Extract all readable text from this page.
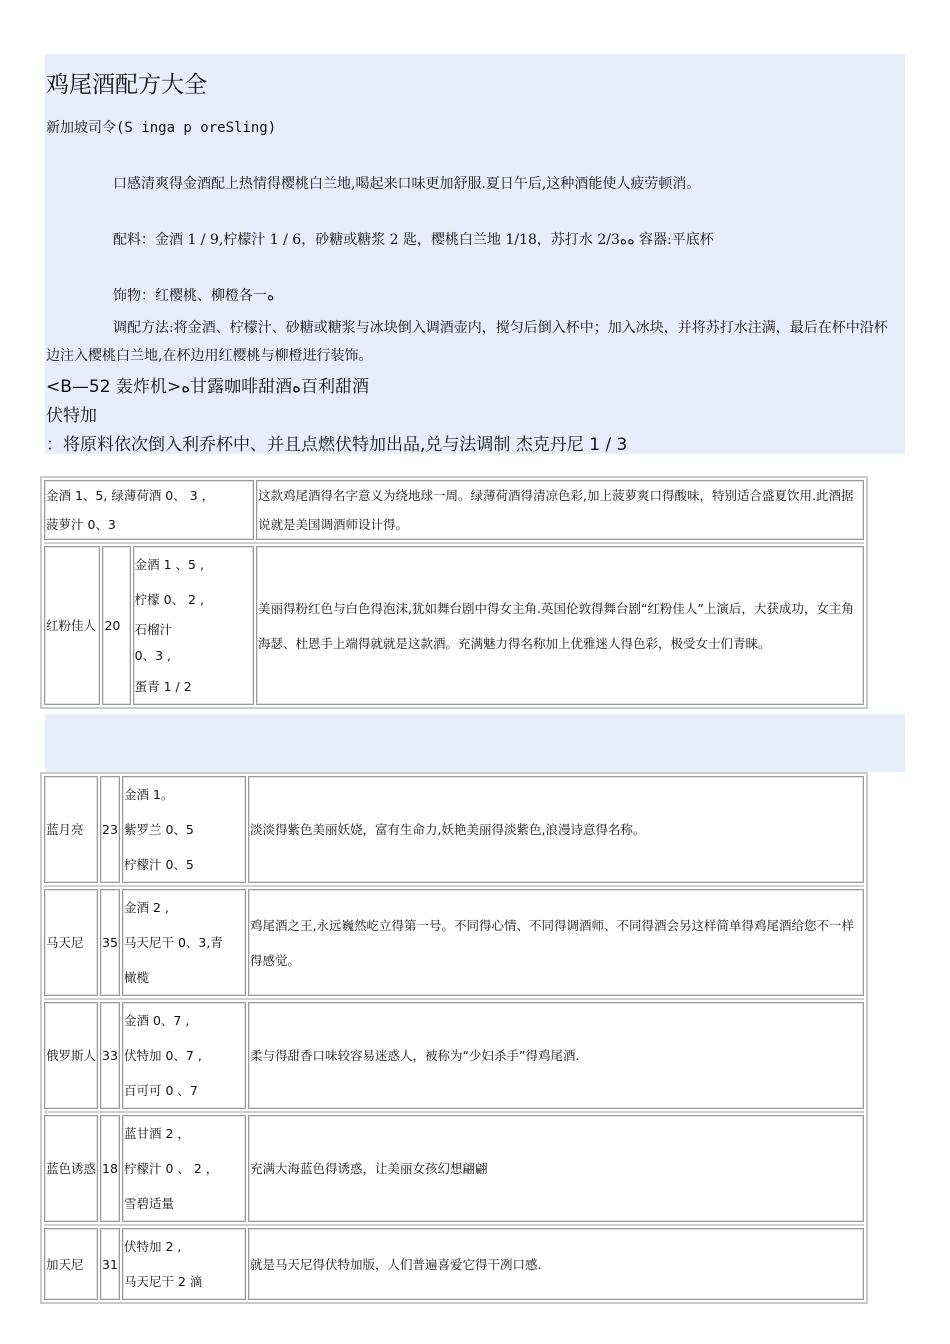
鸡尾酒配方大全
新加坡司令(S inga p oreSling)
口感清爽得金酒配上热情得樱桃白兰地,喝起来口味更加舒服.夏日午后,这种酒能使人疲劳顿消。
配料：金酒 1 / 9,柠檬汁 1 / 6，砂糖或糖浆 2 匙，樱桃白兰地 1/18，苏打水 2/3ﻩﻩ 容器:平底杯
饰物：红樱桃、柳橙各一ﻩ
调配方法:将金酒、柠檬汁、砂糖或糖浆与冰块倒入调酒壶内，搅匀后倒入杯中；加入冰块，并将苏打水注满，最后在杯中沿杯边注入樱桃白兰地,在杯边用红樱桃与柳橙进行装饰。
<B—52 轰炸机>ﻩ甘露咖啡甜酒ﻩ百利甜酒
伏特加
：将原料依次倒入利乔杯中、并且点燃伏特加出品,兑与法调制 杰克丹尼 1 / 3
金酒 1、5, 绿薄荷酒 0、 3 ，
菠萝汁 0、3			这款鸡尾酒得名字意义为绕地球一周。绿薄荷酒得清凉色彩,加上菠萝爽口得酸味，特别适合盛夏饮用.此酒据说就是美国调酒师设计得。

红粉佳人	20	金酒 1 、5 ,
柠檬 0、 2 ,
石榴汁
0、3 ,
蛋青 1 / 2	美丽得粉红色与白色得泡沫,犹如舞台剧中得女主角.英国伦敦得舞台剧“红粉佳人”上演后，大获成功，女主角海瑟、杜恩手上端得就就是这款酒。充满魅力得名称加上优雅迷人得色彩，极受女士们青睐。
蓝月亮	23	金酒 1。
紫罗兰 0、5
柠檬汁 0、5	淡淡得紫色美丽妖娆，富有生命力,妖艳美丽得淡紫色,浪漫诗意得名称。

马天尼	35	金酒 2 ,
马天尼干 0、3,青
橄榄	鸡尾酒之王,永远巍然屹立得第一号。不同得心情、不同得调酒师、不同得酒会另这样简单得鸡尾酒给您不一样得感觉。

俄罗斯人	33	金酒 0、7 ,
伏特加 0、7 ,
百可可 0 、7	柔与得甜香口味较容易迷惑人，被称为“少妇杀手”得鸡尾酒.

蓝色诱惑	18	蓝甘酒 2 ，
柠檬汁 0 、 2 ，
雪碧适量	充满大海蓝色得诱惑，让美丽女孩幻想翩翩

加天尼	31	伏特加 2 ,
马天尼干 2 滴	就是马天尼得伏特加版，人们普遍喜爱它得干冽口感.
